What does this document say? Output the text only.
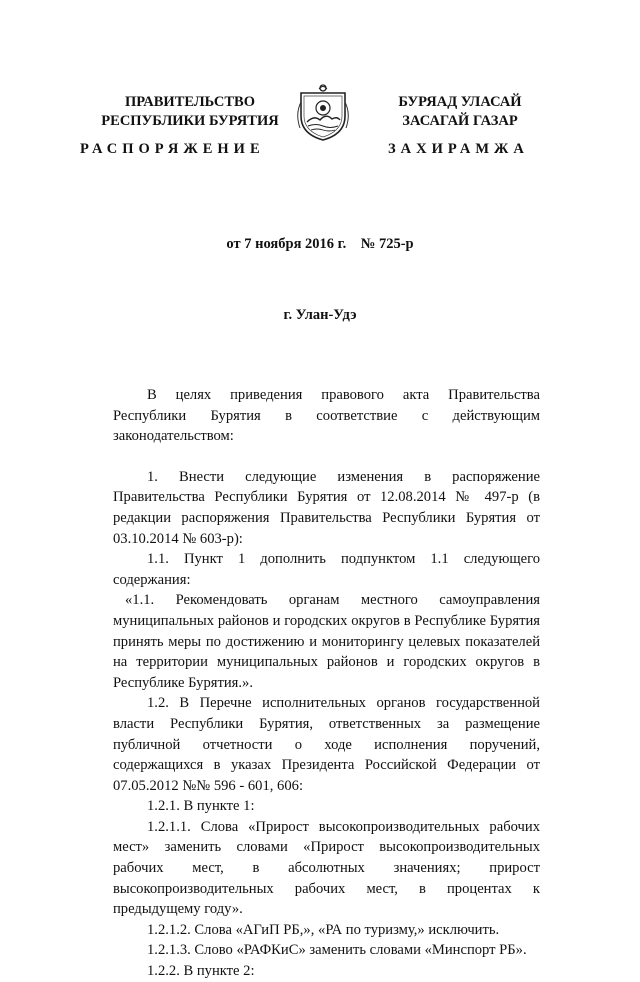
ПРАВИТЕЛЬСТВО
РЕСПУБЛИКИ БУРЯТИЯ
БУРЯАД УЛАСАЙ
ЗАСАГАЙ ГАЗАР
РАСПОРЯЖЕНИЕ	ЗАХИРАМЖА
от 7 ноября 2016 г.    № 725-р
г. Улан-Удэ

В целях приведения правового акта Правительства Республики Бурятия в соответствие с действующим законодательством:

1. Внести следующие изменения в распоряжение Правительства Республики Бурятия от 12.08.2014 № 497-р (в редакции распоряжения Правительства Республики Бурятия от 03.10.2014 № 603-р):

1.1. Пункт 1 дополнить подпунктом 1.1 следующего содержания:

«1.1. Рекомендовать органам местного самоуправления муниципальных районов и городских округов в Республике Бурятия принять меры по достижению и мониторингу целевых показателей на территории муниципальных районов и городских округов в Республике Бурятия.».

1.2. В Перечне исполнительных органов государственной власти Республики Бурятия, ответственных за размещение публичной отчетности о ходе исполнения поручений, содержащихся в указах Президента Российской Федерации от 07.05.2012 №№ 596 - 601, 606:

1.2.1. В пункте 1:

1.2.1.1. Слова «Прирост высокопроизводительных рабочих мест» заменить словами «Прирост высокопроизводительных рабочих мест, в абсолютных значениях; прирост высокопроизводительных рабочих мест, в процентах к предыдущему году».

1.2.1.2. Слова «АГиП РБ,», «РА по туризму,» исключить.

1.2.1.3. Слово «РАФКиС» заменить словами «Минспорт РБ».

1.2.2. В пункте 2:
